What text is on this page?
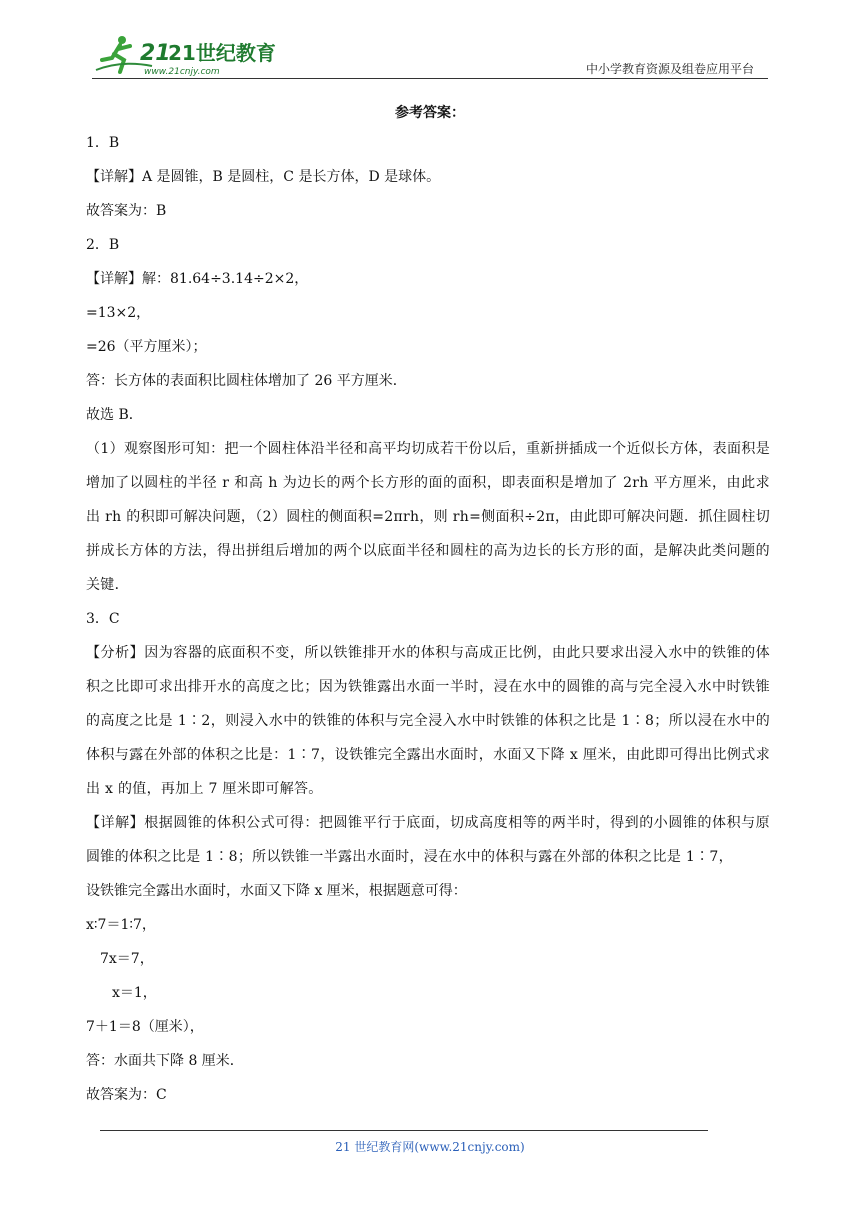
21
21世纪教育
www.21cnjy.com	中小学教育资源及组卷应用平台
参考答案：
1．B
【详解】A 是圆锥，B 是圆柱，C 是长方体，D 是球体。
故答案为：B
2．B
【详解】解：81.64÷3.14÷2×2，
=13×2，
=26（平方厘米）；
答：长方体的表面积比圆柱体增加了 26 平方厘米．
故选 B．
（1）观察图形可知：把一个圆柱体沿半径和高平均切成若干份以后，重新拼插成一个近似长方体，表面积是增加了以圆柱的半径 r 和高 h 为边长的两个长方形的面的面积，即表面积是增加了 2rh 平方厘米，由此求出 rh 的积即可解决问题，（2）圆柱的侧面积=2πrh，则 rh=侧面积÷2π，由此即可解决问题．抓住圆柱切拼成长方体的方法，得出拼组后增加的两个以底面半径和圆柱的高为边长的长方形的面，是解决此类问题的关键．
3．C
【分析】因为容器的底面积不变，所以铁锥排开水的体积与高成正比例，由此只要求出浸入水中的铁锥的体积之比即可求出排开水的高度之比；因为铁锥露出水面一半时，浸在水中的圆锥的高与完全浸入水中时铁锥的高度之比是 1∶2，则浸入水中的铁锥的体积与完全浸入水中时铁锥的体积之比是 1∶8；所以浸在水中的体积与露在外部的体积之比是：1∶7，设铁锥完全露出水面时，水面又下降 x 厘米，由此即可得出比例式求出 x 的值，再加上 7 厘米即可解答。
【详解】根据圆锥的体积公式可得：把圆锥平行于底面，切成高度相等的两半时，得到的小圆锥的体积与原圆锥的体积之比是 1∶8；所以铁锥一半露出水面时，浸在水中的体积与露在外部的体积之比是 1∶7，
设铁锥完全露出水面时，水面又下降 x 厘米，根据题意可得：
x∶7＝1∶7，
7x＝7，
x＝1，
7＋1＝8（厘米），
答：水面共下降 8 厘米．
故答案为：C
21 世纪教育网(www.21cnjy.com)
